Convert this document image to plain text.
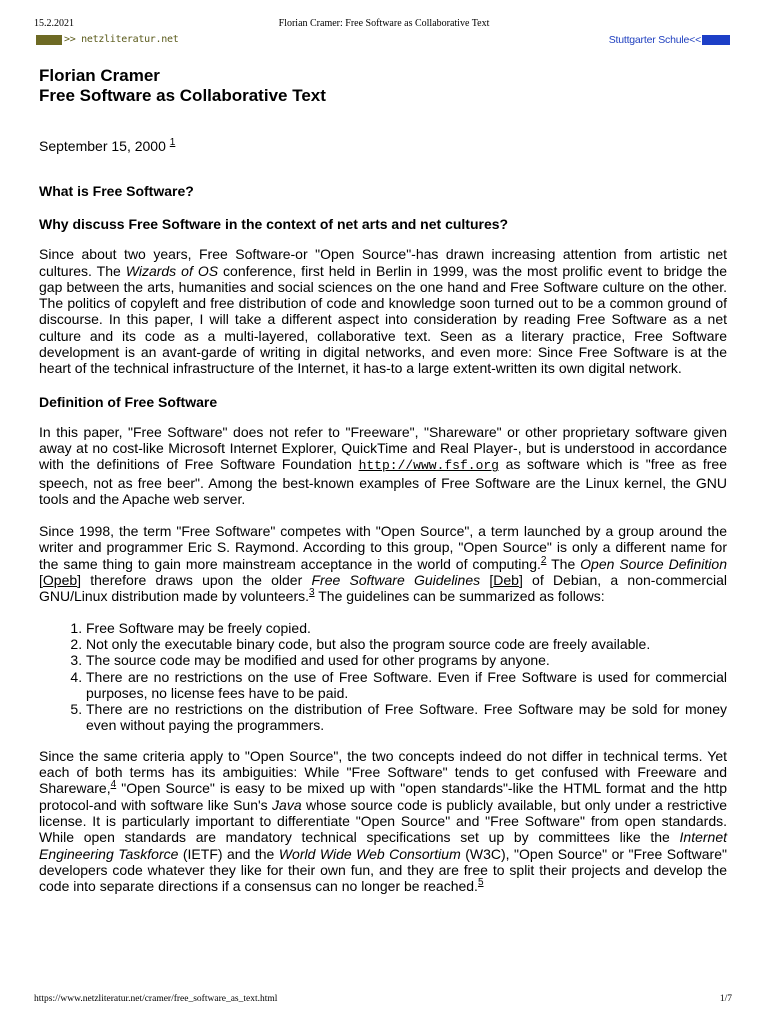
15.2.2021	Florian Cramer: Free Software as Collaborative Text
>> netzliteratur.net	Stuttgarter Schule<<
Florian Cramer
Free Software as Collaborative Text
September 15, 2000 $^1$
What is Free Software?
Why discuss Free Software in the context of net arts and net cultures?

Since about two years, Free Software-or "Open Source"-has drawn increasing attention from artistic net cultures. The Wizards of OS conference, first held in Berlin in 1999, was the most prolific event to bridge the gap between the arts, humanities and social sciences on the one hand and Free Software culture on the other. The politics of copyleft and free distribution of code and knowledge soon turned out to be a common ground of discourse. In this paper, I will take a different aspect into consideration by reading Free Software as a net culture and its code as a multi-layered, collaborative text. Seen as a literary practice, Free Software development is an avant-garde of writing in digital networks, and even more: Since Free Software is at the heart of the technical infrastructure of the Internet, it has-to a large extent-written its own digital network.

Definition of Free Software

In this paper, "Free Software" does not refer to "Freeware", "Shareware" or other proprietary software given away at no cost-like Microsoft Internet Explorer, QuickTime and Real Player-, but is understood in accordance with the definitions of Free Software Foundation http://www.fsf.org as software which is "free as free speech, not as free beer". Among the best-known examples of Free Software are the Linux kernel, the GNU tools and the Apache web server.

Since 1998, the term "Free Software" competes with "Open Source", a term launched by a group around the writer and programmer Eric S. Raymond. According to this group, "Open Source" is only a different name for the same thing to gain more mainstream acceptance in the world of computing.$^2$ The Open Source Definition [Opeb] therefore draws upon the older Free Software Guidelines [Deb] of Debian, a non-commercial GNU/Linux distribution made by volunteers.$^3$ The guidelines can be summarized as follows:

1. Free Software may be freely copied.
2. Not only the executable binary code, but also the program source code are freely available.
3. The source code may be modified and used for other programs by anyone.
4. There are no restrictions on the use of Free Software. Even if Free Software is used for commercial purposes, no license fees have to be paid.
5. There are no restrictions on the distribution of Free Software. Free Software may be sold for money even without paying the programmers.

Since the same criteria apply to "Open Source", the two concepts indeed do not differ in technical terms. Yet each of both terms has its ambiguities: While "Free Software" tends to get confused with Freeware and Shareware,$^4$ "Open Source" is easy to be mixed up with "open standards"-like the HTML format and the http protocol-and with software like Sun's Java whose source code is publicly available, but only under a restrictive license. It is particularly important to differentiate "Open Source" and "Free Software" from open standards. While open standards are mandatory technical specifications set up by committees like the Internet Engineering Taskforce (IETF) and the World Wide Web Consortium (W3C), "Open Source" or "Free Software" developers code whatever they like for their own fun, and they are free to split their projects and develop the code into separate directions if a consensus can no longer be reached.$^5$

https://www.netzliteratur.net/cramer/free_software_as_text.html	1/7
